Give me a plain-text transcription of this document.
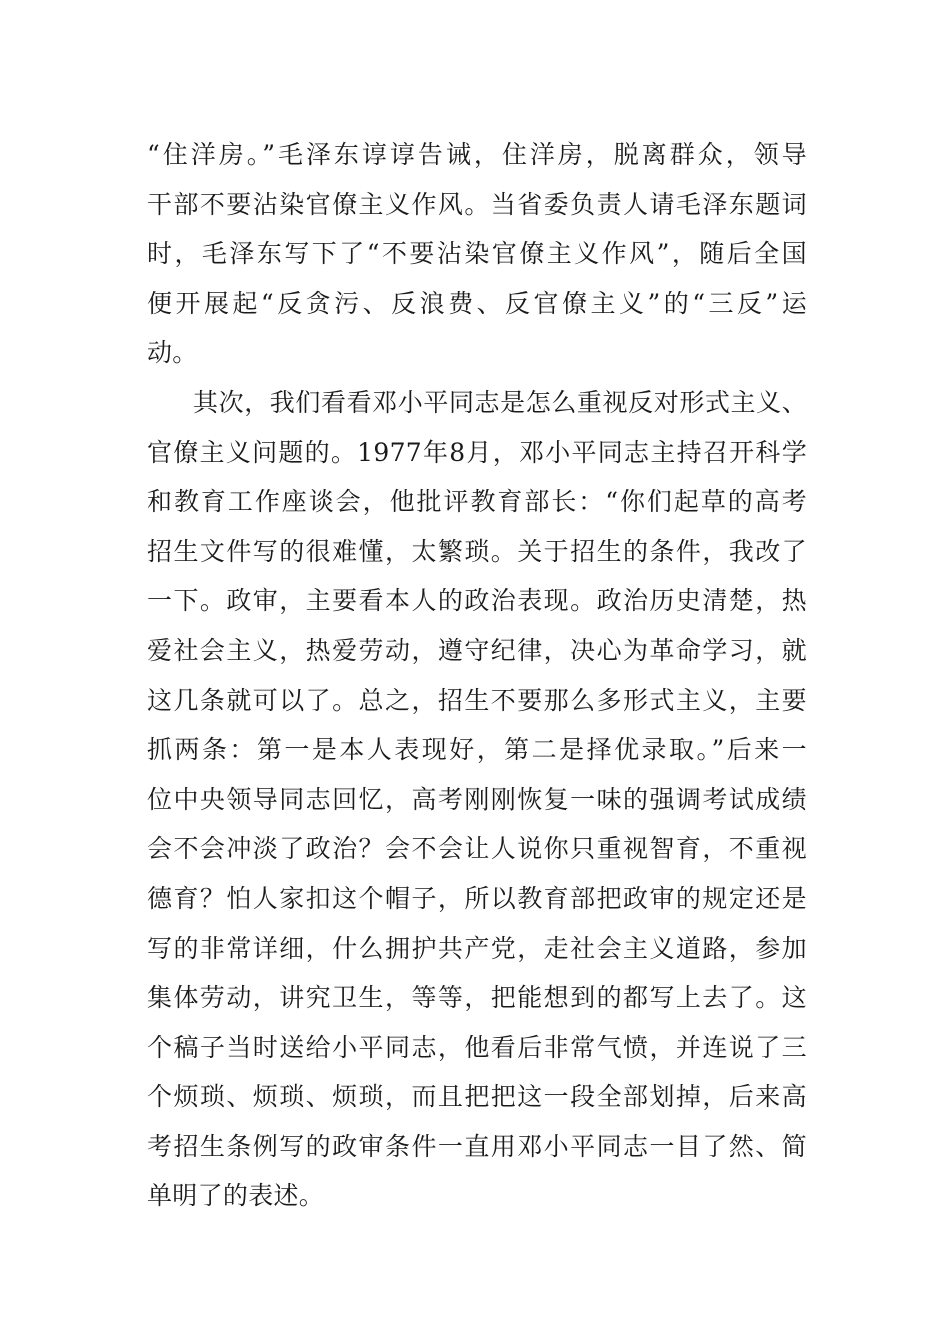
“住洋房。”毛泽东谆谆告诫，住洋房，脱离群众，领导
干部不要沾染官僚主义作风。当省委负责人请毛泽东题词
时，毛泽东写下了“不要沾染官僚主义作风”，随后全国
便开展起“反贪污、反浪费、反官僚主义”的“三反”运
动。
其次，我们看看邓小平同志是怎么重视反对形式主义、
官僚主义问题的。1977年8月，邓小平同志主持召开科学
和教育工作座谈会，他批评教育部长：“你们起草的高考
招生文件写的很难懂，太繁琐。关于招生的条件，我改了
一下。政审，主要看本人的政治表现。政治历史清楚，热
爱社会主义，热爱劳动，遵守纪律，决心为革命学习，就
这几条就可以了。总之，招生不要那么多形式主义，主要
抓两条：第一是本人表现好，第二是择优录取。”后来一
位中央领导同志回忆，高考刚刚恢复一味的强调考试成绩
会不会冲淡了政治？会不会让人说你只重视智育，不重视
德育？怕人家扣这个帽子，所以教育部把政审的规定还是
写的非常详细，什么拥护共产党，走社会主义道路，参加
集体劳动，讲究卫生，等等，把能想到的都写上去了。这
个稿子当时送给小平同志，他看后非常气愤，并连说了三
个烦琐、烦琐、烦琐，而且把把这一段全部划掉，后来高
考招生条例写的政审条件一直用邓小平同志一目了然、简
单明了的表述。
